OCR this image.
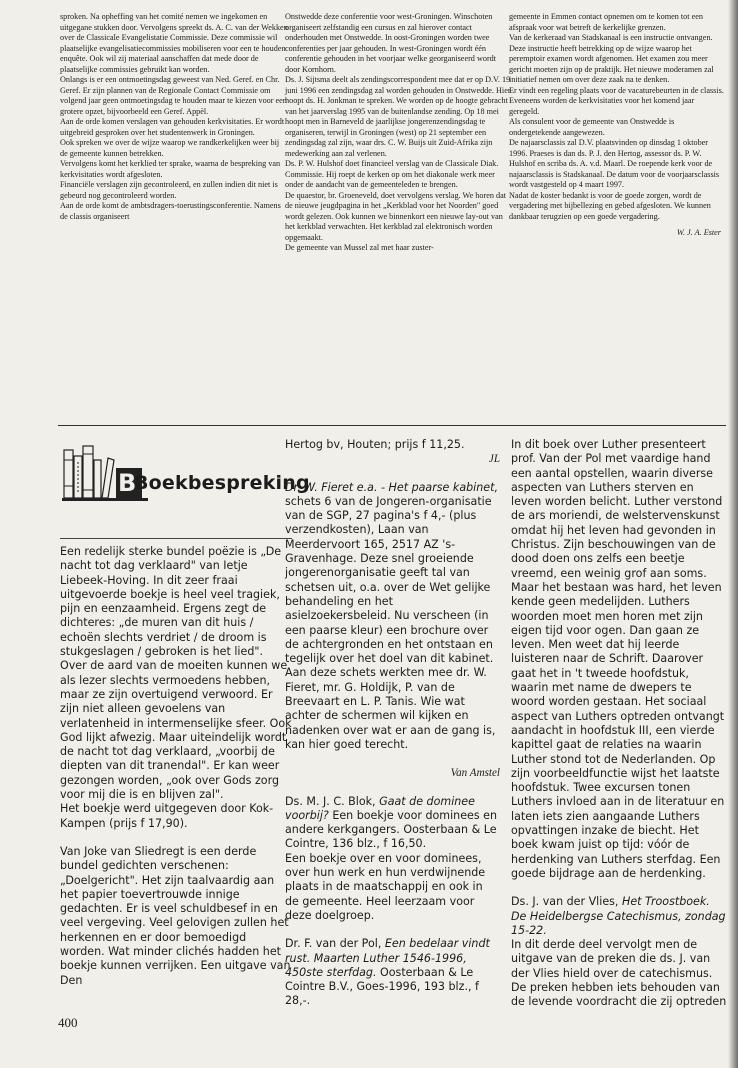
sproken. Na opheffing van het comité nemen we ingekomen en uitgegane stukken door. Vervolgens spreekt ds. A. C. van der Wekken over de Classicale Evangelistatie Commissie. Deze commissie wil plaatselijke evangelisatiecommissies mobiliseren voor een te houden enquête. Ook wil zij materiaal aanschaffen dat mede door de plaatselijke commissies gebruikt kan worden.

Onlangs is er een ontmoetingsdag geweest van Ned. Geref. en Chr. Geref. Er zijn plannen van de Regionale Contact Commissie om volgend jaar geen ontmoetingsdag te houden maar te kiezen voor een grotere opzet, bijvoorbeeld een Geref. Appèl.

Aan de orde komen verslagen van gehouden kerkvisitaties. Er wordt uitgebreid gesproken over het studentenwerk in Groningen.

Ook spreken we over de wijze waarop we randkerkelijken weer bij de gemeente kunnen betrekken.

Vervolgens komt het kerklied ter sprake, waarna de bespreking van kerkvisitaties wordt afgesloten.

Financiële verslagen zijn gecontroleerd, en zullen indien dit niet is gebeurd nog gecontroleerd worden.

Aan de orde komt de ambtsdragers-toerustingsconferentie. Namens de classis organiseert

Onstwedde deze conferentie voor west-Groningen. Winschoten organiseert zelfstandig een cursus en zal hierover contact onderhouden met Onstwedde. In oost-Groningen worden twee conferenties per jaar gehouden. In west-Groningen wordt één conferentie gehouden in het voorjaar welke georganiseerd wordt door Kornhorn.

Ds. J. Sijtsma deelt als zendingscorrespondent mee dat er op D.V. 19 juni 1996 een zendingsdag zal worden gehouden in Onstwedde. Hier hoopt ds. H. Jonkman te spreken. We worden op de hoogte gebracht van het jaarverslag 1995 van de buitenlandse zending. Op 18 mei hoopt men in Barneveld de jaarlijkse jongerenzendingsdag te organiseren, terwijl in Groningen (west) op 21 september een zendingsdag zal zijn, waar drs. C. W. Buijs uit Zuid-Afrika zijn medewerking aan zal verlenen.

Ds. P. W. Hulshof doet financieel verslag van de Classicale Diak. Commissie. Hij roept de kerken op om het diakonale werk meer onder de aandacht van de gemeenteleden te brengen.

De quaestor, br. Groeneveld, doet vervolgens verslag. We horen dat de nieuwe jeugdpagina in het „Kerkblad voor het Noorden" goed wordt gelezen. Ook kunnen we binnenkort een nieuwe lay-out van het kerkblad verwachten. Het kerkblad zal elektronisch worden opgemaakt.

De gemeente van Mussel zal met haar zuster-

gemeente in Emmen contact opnemen om te komen tot een afspraak voor wat betreft de kerkelijke grenzen.

Van de kerkeraad van Stadskanaal is een instructie ontvangen. Deze instructie heeft betrekking op de wijze waarop het peremptoir examen wordt afgenomen. Het examen zou meer gericht moeten zijn op de praktijk. Het nieuwe moderamen zal initiatief nemen om over deze zaak na te denken.

Er vindt een regeling plaats voor de vacaturebeurten in de classis.

Eveneens worden de kerkvisitaties voor het komend jaar geregeld.

Als consulent voor de gemeente van Onstwedde is ondergetekende aangewezen.

De najaarsclassis zal D.V. plaatsvinden op dinsdag 1 oktober 1996. Praeses is dan ds. P. J. den Hertog, assessor ds. P. W. Hulshof en scriba ds. A. v.d. Maarl. De roepende kerk voor de najaarsclassis is Stadskanaal. De datum voor de voorjaarsclassis wordt vastgesteld op 4 maart 1997.

Nadat de koster bedankt is voor de goede zorgen, wordt de vergadering met bijbellezing en gebed afgesloten. We kunnen dankbaar terugzien op een goede vergadering.

W. J. A. Ester

B
Boekbespreking

Een redelijk sterke bundel poëzie is „De nacht tot dag verklaard" van Ietje Liebeek-Hoving. In dit zeer fraai uitgevoerde boekje is heel veel tragiek, pijn en eenzaamheid. Ergens zegt de dichteres: „de muren van dit huis / echoën slechts verdriet / de droom is stukgeslagen / gebroken is het lied".

Over de aard van de moeiten kunnen we als lezer slechts vermoedens hebben, maar ze zijn overtuigend verwoord. Er zijn niet alleen gevoelens van verlatenheid in intermenselijke sfeer. Ook God lijkt afwezig. Maar uiteindelijk wordt de nacht tot dag verklaard, „voorbij de diepten van dit tranendal". Er kan weer gezongen worden, „ook over Gods zorg voor mij die is en blijven zal".

Het boekje werd uitgegeven door Kok-Kampen (prijs f 17,90).

Van Joke van Sliedregt is een derde bundel gedichten verschenen: „Doelgericht". Het zijn taalvaardig aan het papier toevertrouwde innige gedachten. Er is veel schuldbesef in en veel vergeving. Veel gelovigen zullen het herkennen en er door bemoedigd worden. Wat minder clichés hadden het boekje kunnen verrijken. Een uitgave van Den

Hertog bv, Houten; prijs f 11,25.

JL

Dr. W. Fieret e.a. - Het paarse kabinet, schets 6 van de Jongeren-organisatie van de SGP, 27 pagina's f 4,- (plus verzendkosten), Laan van Meerdervoort 165, 2517 AZ 's-Gravenhage. Deze snel groeiende jongerenorganisatie geeft tal van schetsen uit, o.a. over de Wet gelijke behandeling en het asielzoekersbeleid. Nu verscheen (in een paarse kleur) een brochure over de achtergronden en het ontstaan en tegelijk over het doel van dit kabinet. Aan deze schets werkten mee dr. W. Fieret, mr. G. Holdijk, P. van de Breevaart en L. P. Tanis. Wie wat achter de schermen wil kijken en nadenken over wat er aan de gang is, kan hier goed terecht.

Van Amstel

Ds. M. J. C. Blok, Gaat de dominee voorbij? Een boekje voor dominees en andere kerkgangers. Oosterbaan & Le Cointre, 136 blz., f 16,50.

Een boekje over en voor dominees, over hun werk en hun verdwijnende plaats in de maatschappij en ook in de gemeente. Heel leerzaam voor deze doelgroep.

Dr. F. van der Pol, Een bedelaar vindt rust. Maarten Luther 1546-1996, 450ste sterfdag. Oosterbaan & Le Cointre B.V., Goes-1996, 193 blz., f 28,-.

In dit boek over Luther presenteert prof. Van der Pol met vaardige hand een aantal opstellen, waarin diverse aspecten van Luthers sterven en leven worden belicht. Luther verstond de ars moriendi, de welstervenskunst omdat hij het leven had gevonden in Christus. Zijn beschouwingen van de dood doen ons zelfs een beetje vreemd, een weinig grof aan soms. Maar het bestaan was hard, het leven kende geen medelijden. Luthers woorden moet men horen met zijn eigen tijd voor ogen. Dan gaan ze leven. Men weet dat hij leerde luisteren naar de Schrift. Daarover gaat het in 't tweede hoofdstuk, waarin met name de dwepers te woord worden gestaan. Het sociaal aspect van Luthers optreden ontvangt aandacht in hoofdstuk III, een vierde kapittel gaat de relaties na waarin Luther stond tot de Nederlanden. Op zijn voorbeeldfunctie wijst het laatste hoofdstuk. Twee excursen tonen Luthers invloed aan in de literatuur en laten iets zien aangaande Luthers opvattingen inzake de biecht. Het boek kwam juist op tijd: vóór de herdenking van Luthers sterfdag. Een goede bijdrage aan de herdenking.

Ds. J. van der Vlies, Het Troostboek. De Heidelbergse Catechismus, zondag 15-22.

In dit derde deel vervolgt men de uitgave van de preken die ds. J. van der Vlies hield over de catechismus. De preken hebben iets behouden van de levende voordracht die zij optreden

400
